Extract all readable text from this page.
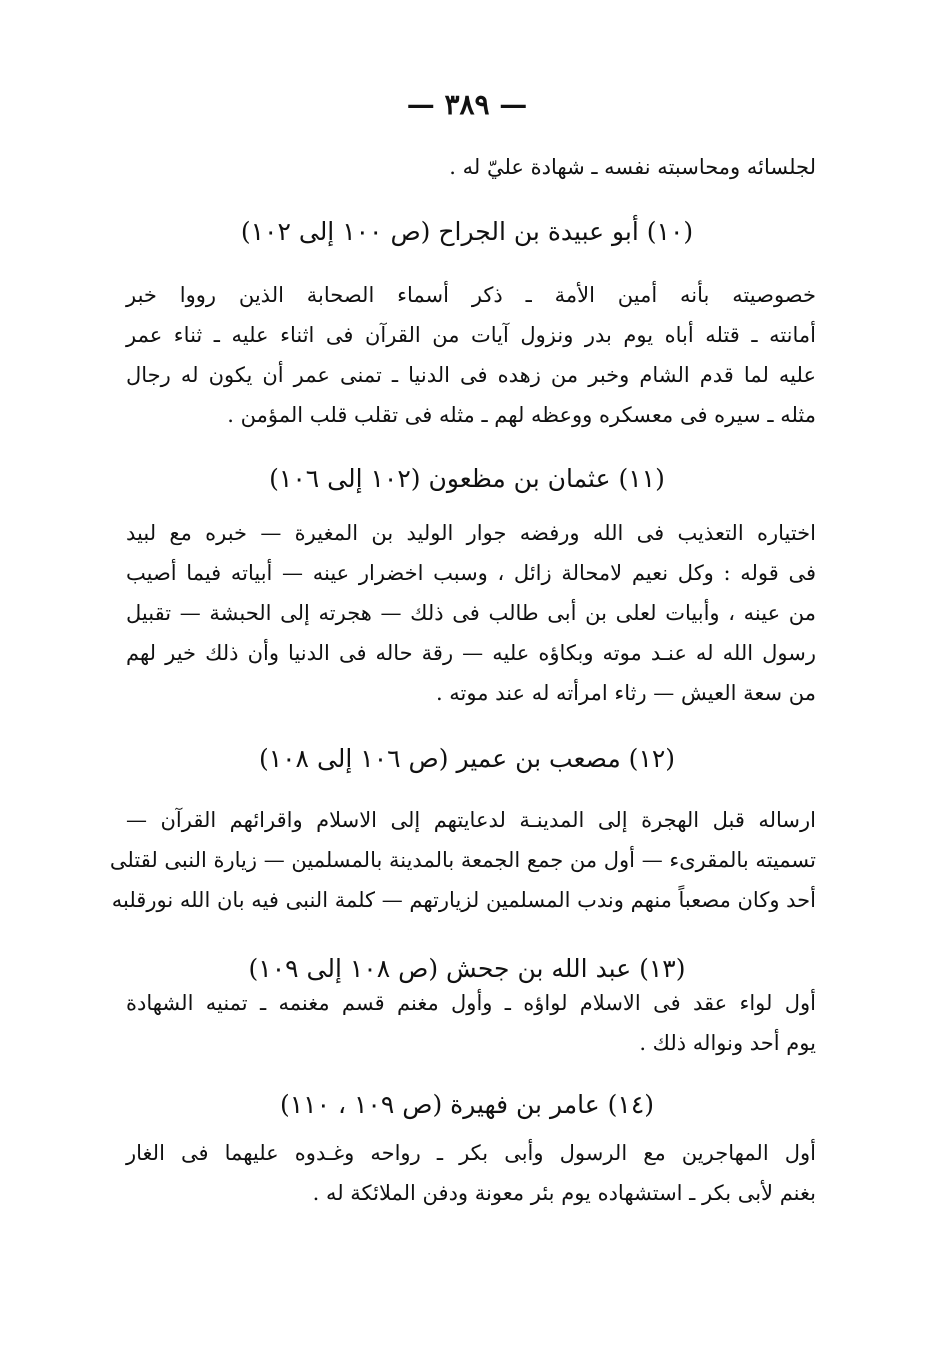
— ٣٨٩ —
لجلسائه ومحاسبته نفسه ـ شهادة عليّ له .
(١٠) أبو عبيدة بن الجراح (ص ١٠٠ إلى ١٠٢)
خصوصيته بأنه أمين الأمة ـ ذكر أسماء الصحابة الذين رووا خبر
أمانته ـ قتله أباه يوم بدر ونزول آيات من القرآن فى اثناء عليه ـ ثناء عمر
عليه لما قدم الشام وخبر من زهده فى الدنيا ـ تمنى عمر أن يكون له رجال
مثله ـ سيره فى معسكره ووعظه لهم ـ مثله فى تقلب قلب المؤمن .
(١١) عثمان بن مظعون (١٠٢ إلى ١٠٦)
اختياره التعذيب فى الله ورفضه جوار الوليد بن المغيرة — خبره مع لبيد
فى قوله : وكل نعيم لامحالة زائل ، وسبب اخضرار عينه — أبياته فيما أصيب
من عينه ، وأبيات لعلى بن أبى طالب فى ذلك — هجرته إلى الحبشة — تقبيل
رسول الله له عنـد موته وبكاؤه عليه — رقة حاله فى الدنيا وأن ذلك خير لهم
من سعة العيش — رثاء امرأته له عند موته .
(١٢) مصعب بن عمير (ص ١٠٦ إلى ١٠٨)
ارساله قبل الهجرة إلى المدينـة لدعايتهم إلى الاسلام واقرائهم القرآن —
تسميته بالمقرىء — أول من جمع الجمعة بالمدينة بالمسلمين — زيارة النبى لقتلى
أحد وكان مصعباً منهم وندب المسلمين لزيارتهم — كلمة النبى فيه بان الله نورقلبه
(١٣) عبد الله بن جحش (ص ١٠٨ إلى ١٠٩)
أول لواء عقد فى الاسلام لواؤه ـ وأول مغنم قسم مغنمه ـ تمنيه الشهادة
يوم أحد ونواله ذلك .
(١٤) عامر بن فهيرة (ص ١٠٩ ، ١١٠)
أول المهاجرين مع الرسول وأبى بكر ـ رواحه وغـدوه عليهما فى الغار
بغنم لأبى بكر ـ استشهاده يوم بئر معونة ودفن الملائكة له .
